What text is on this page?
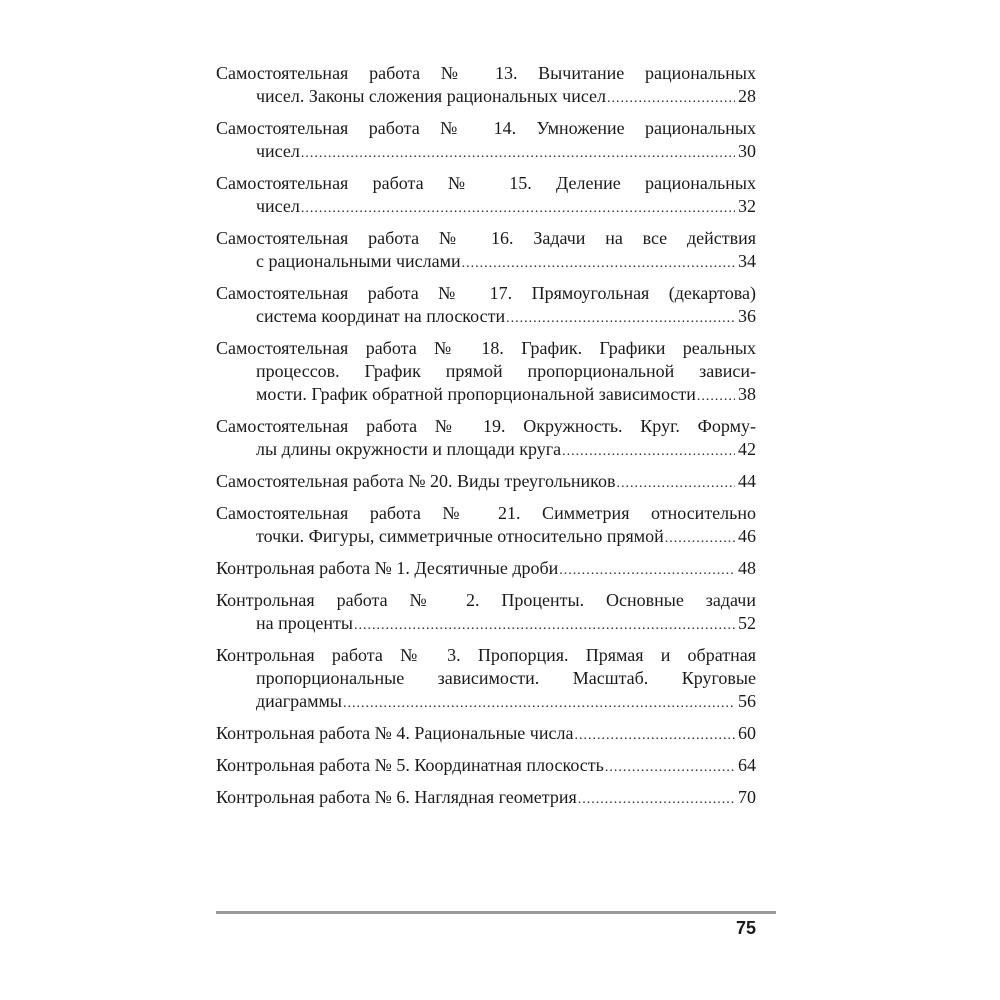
Самостоятельная работа № 13. Вычитание рациональных
чисел. Законы сложения рациональных чисел .....	28
Самостоятельная работа № 14. Умножение рациональных
чисел .....	30
Самостоятельная работа № 15. Деление рациональных
чисел .....	32
Самостоятельная работа № 16. Задачи на все действия
с рациональными числами .....	34
Самостоятельная работа № 17. Прямоугольная (декартова)
система координат на плоскости .....	36
Самостоятельная работа № 18. График. Графики реальных
процессов. График прямой пропорциональной зависи-
мости. График обратной пропорциональной зависимости ..... 38
Самостоятельная работа № 19. Окружность. Круг. Форму-
лы длины окружности и площади круга .....	42
Самостоятельная работа № 20. Виды треугольников .....	44
Самостоятельная работа № 21. Симметрия относительно
точки. Фигуры, симметричные относительно прямой .....	46
Контрольная работа № 1. Десятичные дроби .....	48
Контрольная работа № 2. Проценты. Основные задачи
на проценты .....	52
Контрольная работа № 3. Пропорция. Прямая и обратная
пропорциональные зависимости. Масштаб. Круговые
диаграммы .....	56
Контрольная работа № 4. Рациональные числа .....	60
Контрольная работа № 5. Координатная плоскость .....	64
Контрольная работа № 6. Наглядная геометрия .....	70
75
